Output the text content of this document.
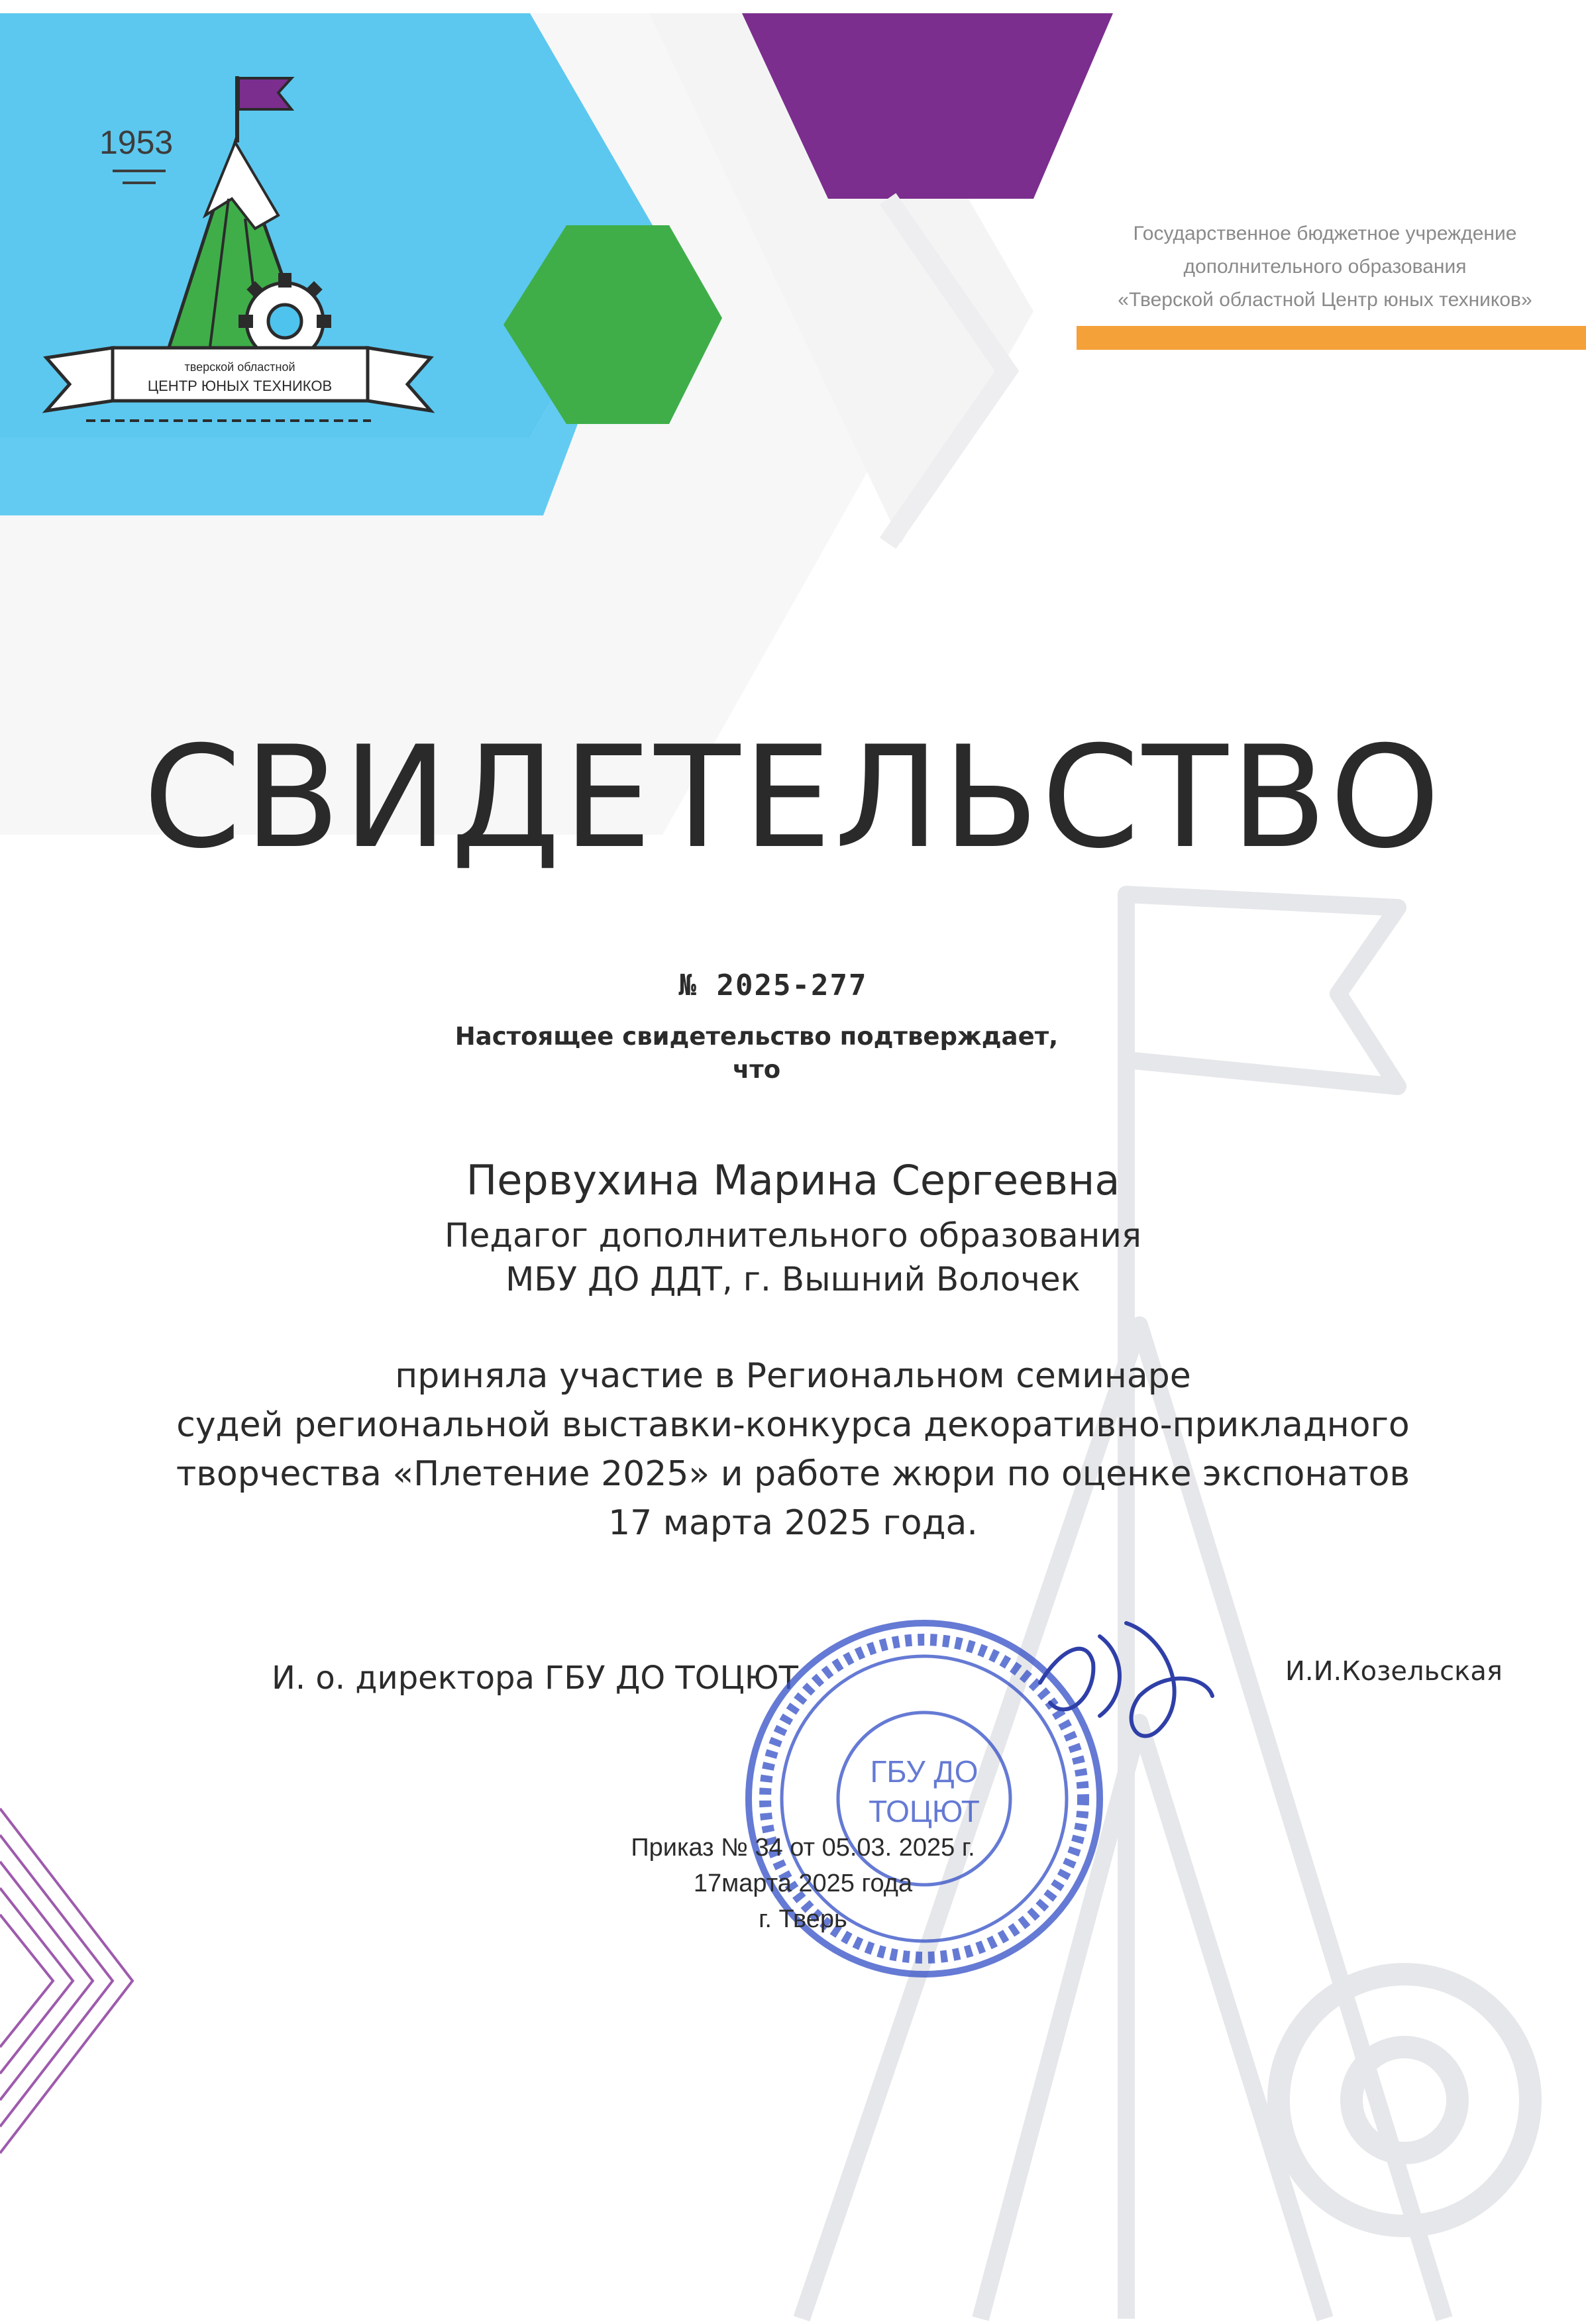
1953
тверской областной
ЦЕНТР ЮНЫХ ТЕХНИКОВ
Государственное бюджетное учреждение
дополнительного образования
«Тверской областной Центр юных техников»
СВИДЕТЕЛЬСТВО

№ 2025-277

Настоящее свидетельство подтверждает,
что

Первухина Марина Сергеевна

Педагог дополнительного образования

МБУ ДО ДДТ, г. Вышний Волочек

приняла участие в Региональном семинаре
судей региональной выставки-конкурса декоративно-прикладного
творчества «Плетение 2025» и работе жюри по оценке экспонатов
17 марта 2025 года.
И. о. директора ГБУ ДО ТОЦЮТ	И.И.Козельская
ГБУ ДО
ТОЦЮТ
Приказ № 34 от 05.03. 2025 г.
17марта 2025 года
г. Тверь
